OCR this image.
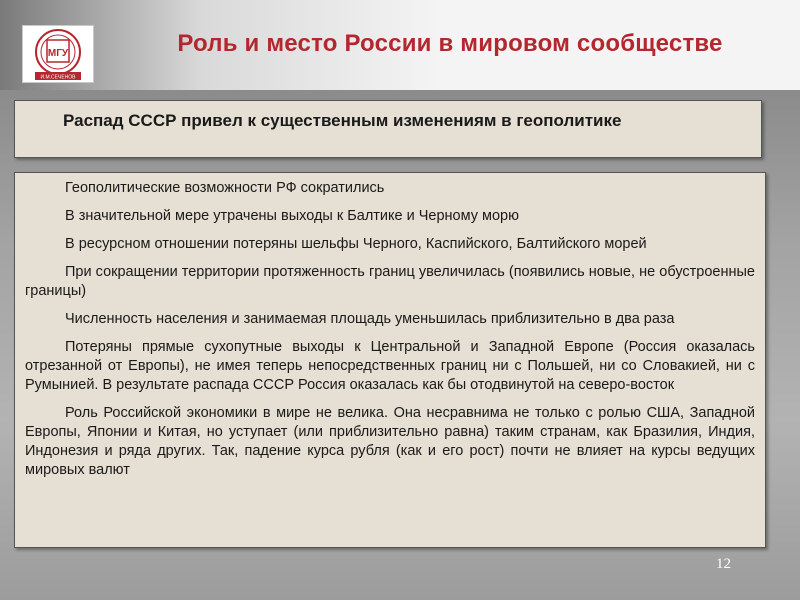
МГУ
И.М.СЕЧЕНОВ
Роль и место России в мировом сообществе
Распад СССР привел к существенным изменениям в геополитике

Геополитические возможности РФ сократились

В значительной мере утрачены выходы к Балтике и Черному морю

В ресурсном отношении потеряны шельфы Черного, Каспийского, Балтийского морей

При сокращении территории протяженность границ увеличилась (появились новые, не обустроенные границы)

Численность населения и занимаемая площадь уменьшилась приблизительно в два раза

Потеряны прямые сухопутные выходы к Центральной и Западной Европе (Россия оказалась отрезанной от Европы), не имея теперь непосредственных границ ни с Польшей, ни со Словакией, ни с Румынией. В результате распада СССР Россия оказалась как бы отодвинутой на северо-восток

Роль Российской экономики в мире не велика. Она несравнима не только с ролью США, Западной Европы, Японии и Китая, но уступает (или приблизительно равна) таким странам, как Бразилия, Индия, Индонезия и ряда других. Так, падение курса рубля (как и его рост) почти не влияет на курсы ведущих мировых валют

12
